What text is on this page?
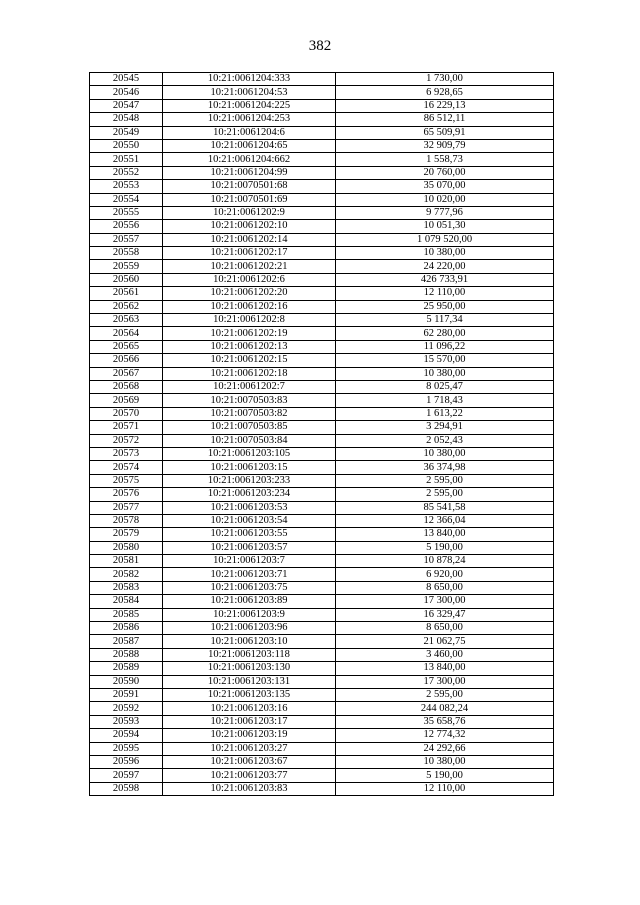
382
20545	10:21:0061204:333	1 730,00
20546	10:21:0061204:53	6 928,65
20547	10:21:0061204:225	16 229,13
20548	10:21:0061204:253	86 512,11
20549	10:21:0061204:6	65 509,91
20550	10:21:0061204:65	32 909,79
20551	10:21:0061204:662	1 558,73
20552	10:21:0061204:99	20 760,00
20553	10:21:0070501:68	35 070,00
20554	10:21:0070501:69	10 020,00
20555	10:21:0061202:9	9 777,96
20556	10:21:0061202:10	10 051,30
20557	10:21:0061202:14	1 079 520,00
20558	10:21:0061202:17	10 380,00
20559	10:21:0061202:21	24 220,00
20560	10:21:0061202:6	426 733,91
20561	10:21:0061202:20	12 110,00
20562	10:21:0061202:16	25 950,00
20563	10:21:0061202:8	5 117,34
20564	10:21:0061202:19	62 280,00
20565	10:21:0061202:13	11 096,22
20566	10:21:0061202:15	15 570,00
20567	10:21:0061202:18	10 380,00
20568	10:21:0061202:7	8 025,47
20569	10:21:0070503:83	1 718,43
20570	10:21:0070503:82	1 613,22
20571	10:21:0070503:85	3 294,91
20572	10:21:0070503:84	2 052,43
20573	10:21:0061203:105	10 380,00
20574	10:21:0061203:15	36 374,98
20575	10:21:0061203:233	2 595,00
20576	10:21:0061203:234	2 595,00
20577	10:21:0061203:53	85 541,58
20578	10:21:0061203:54	12 366,04
20579	10:21:0061203:55	13 840,00
20580	10:21:0061203:57	5 190,00
20581	10:21:0061203:7	10 878,24
20582	10:21:0061203:71	6 920,00
20583	10:21:0061203:75	8 650,00
20584	10:21:0061203:89	17 300,00
20585	10:21:0061203:9	16 329,47
20586	10:21:0061203:96	8 650,00
20587	10:21:0061203:10	21 062,75
20588	10:21:0061203:118	3 460,00
20589	10:21:0061203:130	13 840,00
20590	10:21:0061203:131	17 300,00
20591	10:21:0061203:135	2 595,00
20592	10:21:0061203:16	244 082,24
20593	10:21:0061203:17	35 658,76
20594	10:21:0061203:19	12 774,32
20595	10:21:0061203:27	24 292,66
20596	10:21:0061203:67	10 380,00
20597	10:21:0061203:77	5 190,00
20598	10:21:0061203:83	12 110,00
